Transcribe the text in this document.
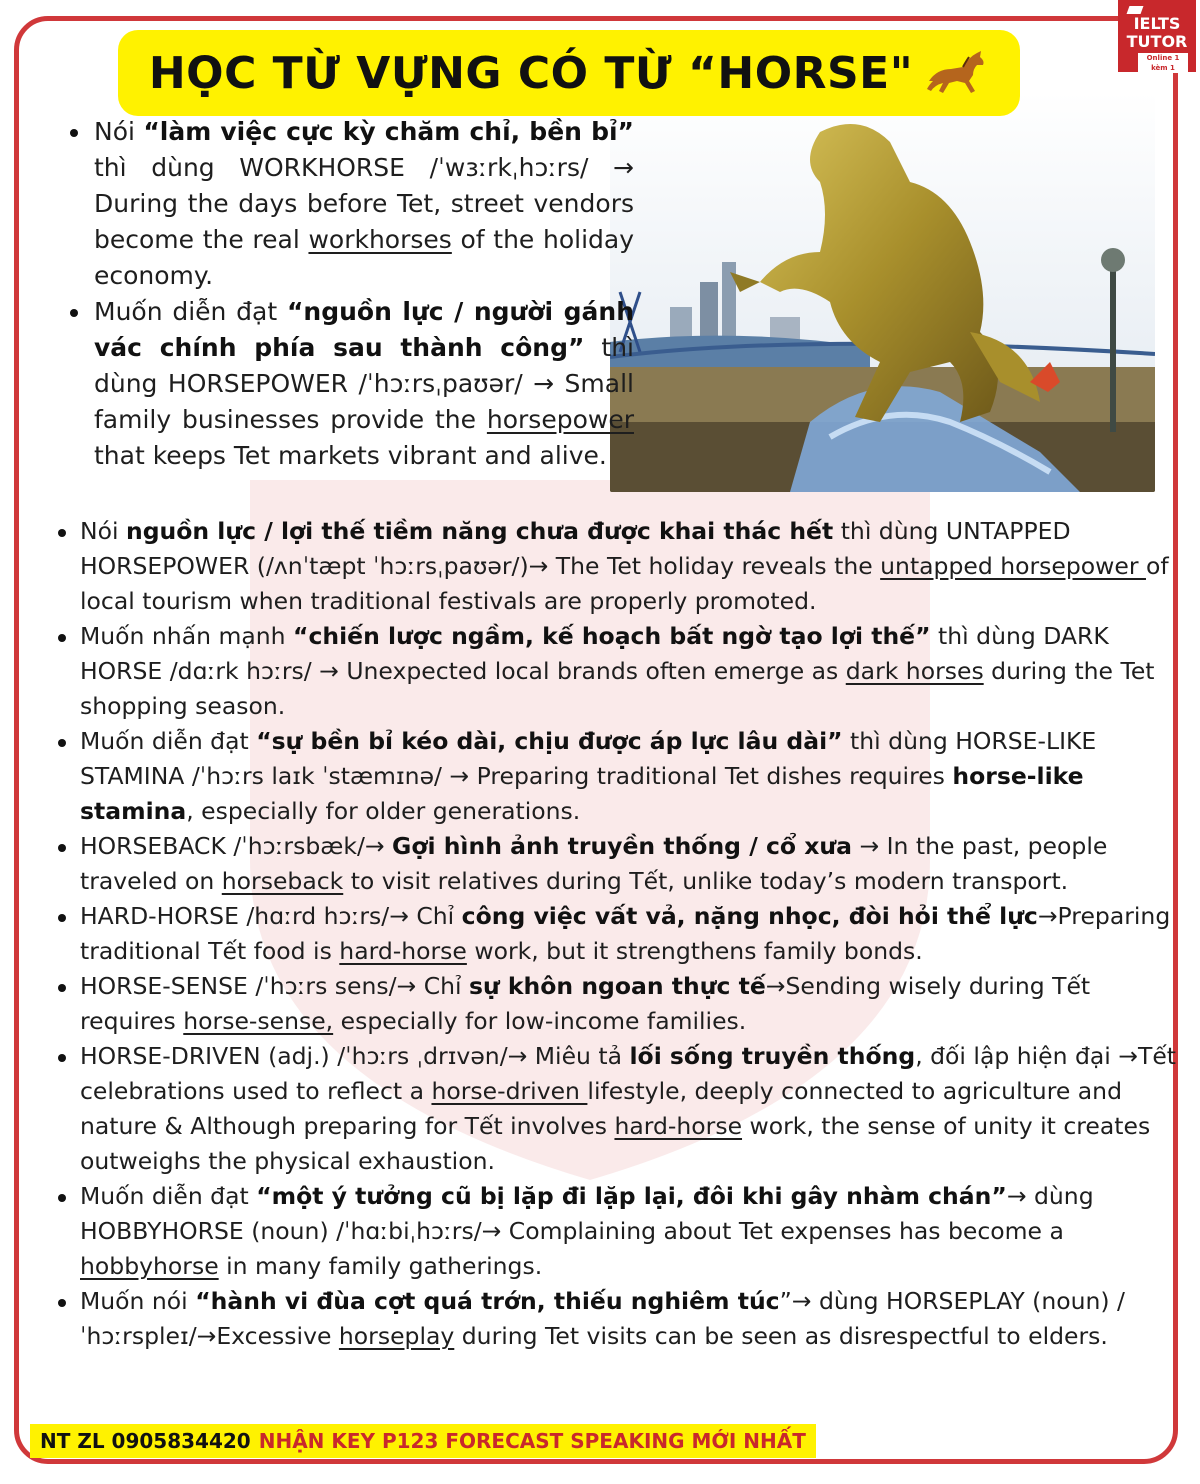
IELTS
TUTOR
Online 1 kèm 1
HỌC TỪ VỰNG CÓ TỪ “HORSE"
Nói “làm việc cực kỳ chăm chỉ, bền bỉ” thì dùng WORKHORSE /ˈwɜːrkˌhɔːrs/ → During the days before Tet, street vendors become the real workhorses of the holiday economy.
Muốn diễn đạt “nguồn lực / người gánh vác chính phía sau thành công” thì dùng HORSEPOWER /ˈhɔːrsˌpaʊər/ → Small family businesses provide the horsepower that keeps Tet markets vibrant and alive.
Nói nguồn lực / lợi thế tiềm năng chưa được khai thác hết thì dùng UNTAPPED HORSEPOWER (/ʌnˈtæpt ˈhɔːrsˌpaʊər/)→ The Tet holiday reveals the untapped horsepower of local tourism when traditional festivals are properly promoted.
Muốn nhấn mạnh “chiến lược ngầm, kế hoạch bất ngờ tạo lợi thế” thì dùng DARK HORSE /dɑːrk hɔːrs/ → Unexpected local brands often emerge as dark horses during the Tet shopping season.
Muốn diễn đạt “sự bền bỉ kéo dài, chịu được áp lực lâu dài” thì dùng HORSE-LIKE STAMINA /ˈhɔːrs laɪk ˈstæmɪnə/ → Preparing traditional Tet dishes requires horse-like stamina, especially for older generations.
HORSEBACK /ˈhɔːrsbæk/→ Gợi hình ảnh truyền thống / cổ xưa → In the past, people traveled on horseback to visit relatives during Tết, unlike today’s modern transport.
HARD-HORSE /hɑːrd hɔːrs/→ Chỉ công việc vất vả, nặng nhọc, đòi hỏi thể lực→Preparing traditional Tết food is hard-horse work, but it strengthens family bonds.
HORSE-SENSE /ˈhɔːrs sens/→ Chỉ sự khôn ngoan thực tế→Sending wisely during Tết requires horse-sense, especially for low-income families.
HORSE-DRIVEN (adj.) /ˈhɔːrs ˌdrɪvən/→ Miêu tả lối sống truyền thống, đối lập hiện đại →Tết celebrations used to reflect a horse-driven lifestyle, deeply connected to agriculture and nature & Although preparing for Tết involves hard-horse work, the sense of unity it creates outweighs the physical exhaustion.
Muốn diễn đạt “một ý tưởng cũ bị lặp đi lặp lại, đôi khi gây nhàm chán”→ dùng HOBBYHORSE (noun) /ˈhɑːbiˌhɔːrs/→ Complaining about Tet expenses has become a hobbyhorse in many family gatherings.
Muốn nói “hành vi đùa cợt quá trớn, thiếu nghiêm túc”→ dùng HORSEPLAY (noun) /ˈhɔːrspleɪ/→Excessive horseplay during Tet visits can be seen as disrespectful to elders.
NT ZL 0905834420 NHẬN KEY P123 FORECAST SPEAKING MỚI NHẤT
